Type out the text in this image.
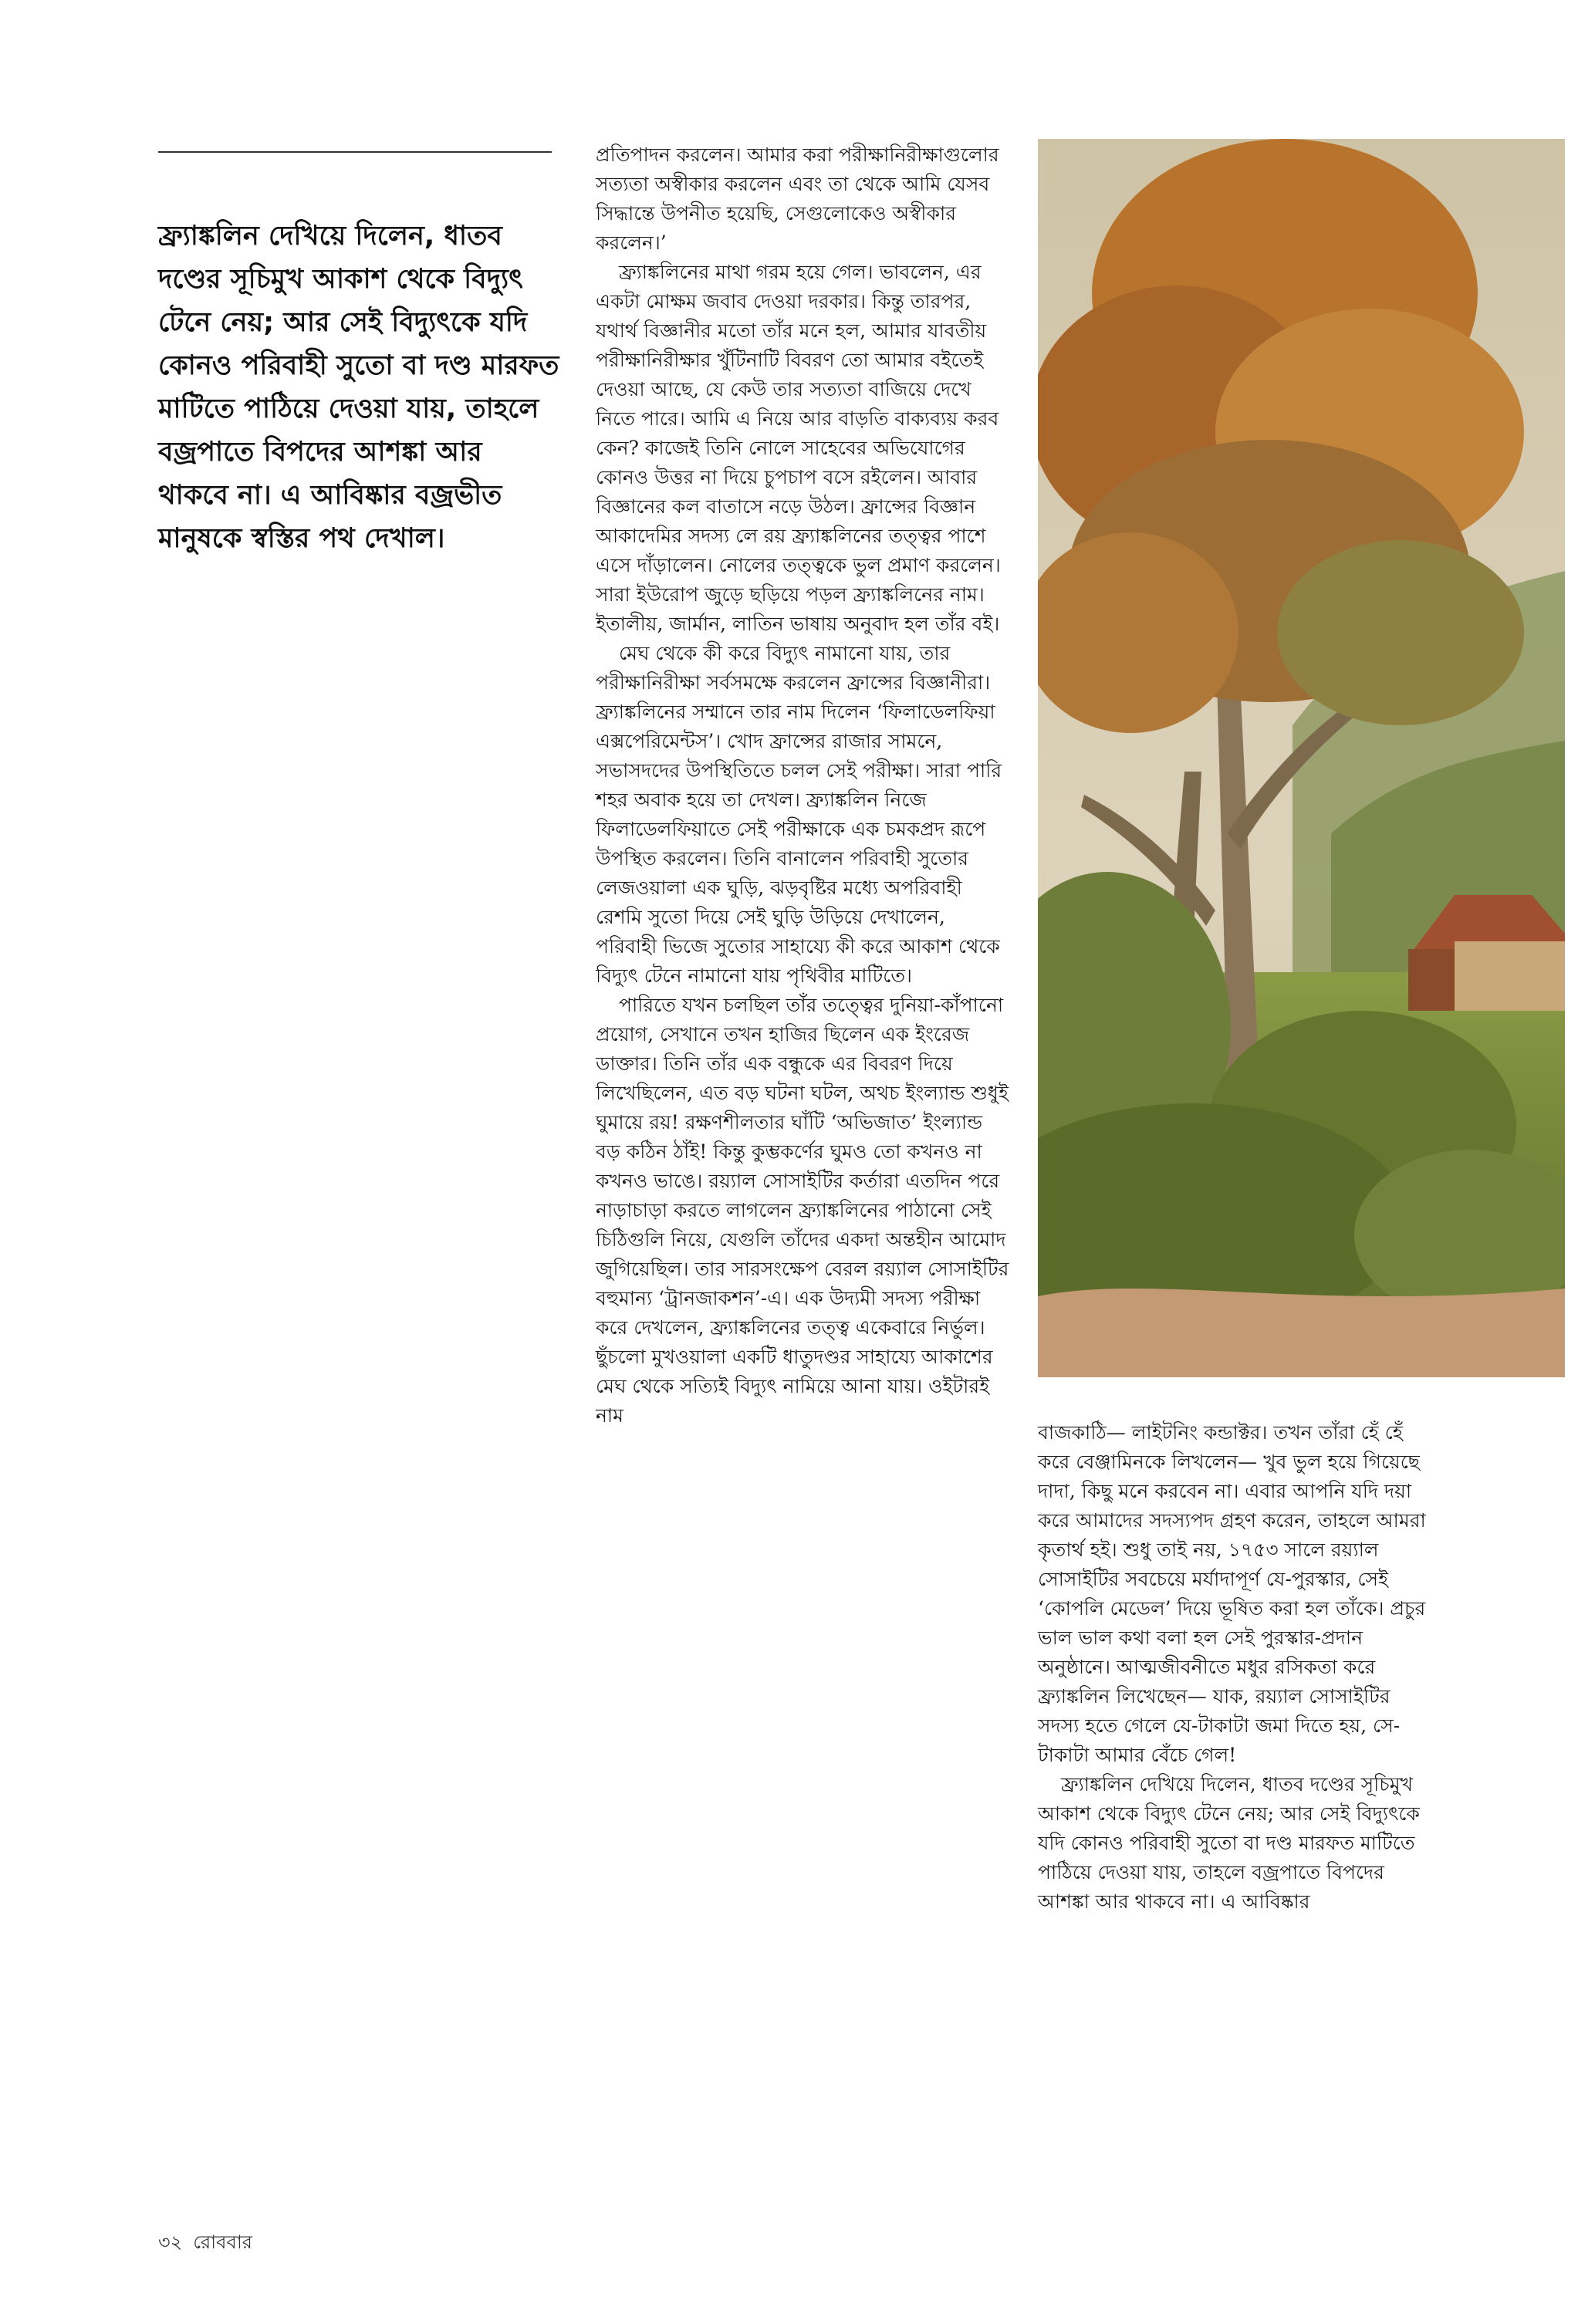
ফ্র্যাঙ্কলিন দেখিয়ে দিলেন, ধাতব দণ্ডের সূচিমুখ আকাশ থেকে বিদ্যুৎ টেনে নেয়; আর সেই বিদ্যুৎকে যদি কোনও পরিবাহী সুতো বা দণ্ড মারফত মাটিতে পাঠিয়ে দেওয়া যায়, তাহলে বজ্রপাতে বিপদের আশঙ্কা আর থাকবে না। এ আবিষ্কার বজ্রভীত মানুষকে স্বস্তির পথ দেখাল।

প্রতিপাদন করলেন। আমার করা পরীক্ষানিরীক্ষাগুলোর সত্যতা অস্বীকার করলেন এবং তা থেকে আমি যেসব সিদ্ধান্তে উপনীত হয়েছি, সেগুলোকেও অস্বীকার করলেন।’

ফ্র্যাঙ্কলিনের মাথা গরম হয়ে গেল। ভাবলেন, এর একটা মোক্ষম জবাব দেওয়া দরকার। কিন্তু তারপর, যথার্থ বিজ্ঞানীর মতো তাঁর মনে হল, আমার যাবতীয় পরীক্ষানিরীক্ষার খুঁটিনাটি বিবরণ তো আমার বইতেই দেওয়া আছে, যে কেউ তার সত্যতা বাজিয়ে দেখে নিতে পারে। আমি এ নিয়ে আর বাড়তি বাক্যব্যয় করব কেন? কাজেই তিনি নোলে সাহেবের অভিযোগের কোনও উত্তর না দিয়ে চুপচাপ বসে রইলেন। আবার বিজ্ঞানের কল বাতাসে নড়ে উঠল। ফ্রান্সের বিজ্ঞান আকাদেমির সদস্য লে রয় ফ্র্যাঙ্কলিনের তত্ত্বর পাশে এসে দাঁড়ালেন। নোলের তত্ত্বকে ভুল প্রমাণ করলেন। সারা ইউরোপ জুড়ে ছড়িয়ে পড়ল ফ্র্যাঙ্কলিনের নাম। ইতালীয়, জার্মান, লাতিন ভাষায় অনুবাদ হল তাঁর বই।

মেঘ থেকে কী করে বিদ্যুৎ নামানো যায়, তার পরীক্ষানিরীক্ষা সর্বসমক্ষে করলেন ফ্রান্সের বিজ্ঞানীরা। ফ্র্যাঙ্কলিনের সম্মানে তার নাম দিলেন ‘ফিলাডেলফিয়া এক্সপেরিমেন্টস’। খোদ ফ্রান্সের রাজার সামনে, সভাসদদের উপস্থিতিতে চলল সেই পরীক্ষা। সারা পারি শহর অবাক হয়ে তা দেখল। ফ্র্যাঙ্কলিন নিজে ফিলাডেলফিয়াতে সেই পরীক্ষাকে এক চমকপ্রদ রূপে উপস্থিত করলেন। তিনি বানালেন পরিবাহী সুতোর লেজওয়ালা এক ঘুড়ি, ঝড়বৃষ্টির মধ্যে অপরিবাহী রেশমি সুতো দিয়ে সেই ঘুড়ি উড়িয়ে দেখালেন, পরিবাহী ভিজে সুতোর সাহায্যে কী করে আকাশ থেকে বিদ্যুৎ টেনে নামানো যায় পৃথিবীর মাটিতে।

পারিতে যখন চলছিল তাঁর তত্ত্বের দুনিয়া-কাঁপানো প্রয়োগ, সেখানে তখন হাজির ছিলেন এক ইংরেজ ডাক্তার। তিনি তাঁর এক বন্ধুকে এর বিবরণ দিয়ে লিখেছিলেন, এত বড় ঘটনা ঘটল, অথচ ইংল্যান্ড শুধুই ঘুমায়ে রয়! রক্ষণশীলতার ঘাঁটি ‘অভিজাত’ ইংল্যান্ড বড় কঠিন ঠাঁই! কিন্তু কুম্ভকর্ণের ঘুমও তো কখনও না কখনও ভাঙে। রয়্যাল সোসাইটির কর্তারা এতদিন পরে নাড়াচাড়া করতে লাগলেন ফ্র্যাঙ্কলিনের পাঠানো সেই চিঠিগুলি নিয়ে, যেগুলি তাঁদের একদা অন্তহীন আমোদ জুগিয়েছিল। তার সারসংক্ষেপ বেরল রয়্যাল সোসাইটির বহুমান্য ‘ট্রানজাকশন’-এ। এক উদ্যমী সদস্য পরীক্ষা করে দেখলেন, ফ্র্যাঙ্কলিনের তত্ত্ব একেবারে নির্ভুল। ছুঁচলো মুখওয়ালা একটি ধাতুদণ্ডর সাহায্যে আকাশের মেঘ থেকে সত্যিই বিদ্যুৎ নামিয়ে আনা যায়। ওইটারই নাম

বাজকাঠি— লাইটনিং কন্ডাক্টর। তখন তাঁরা হেঁ হেঁ করে বেঞ্জামিনকে লিখলেন— খুব ভুল হয়ে গিয়েছে দাদা, কিছু মনে করবেন না। এবার আপনি যদি দয়া করে আমাদের সদস্যপদ গ্রহণ করেন, তাহলে আমরা কৃতার্থ হই। শুধু তাই নয়, ১৭৫৩ সালে রয়্যাল সোসাইটির সবচেয়ে মর্যাদাপূর্ণ যে-পুরস্কার, সেই ‘কোপলি মেডেল’ দিয়ে ভূষিত করা হল তাঁকে। প্রচুর ভাল ভাল কথা বলা হল সেই পুরস্কার-প্রদান অনুষ্ঠানে। আত্মজীবনীতে মধুর রসিকতা করে ফ্র্যাঙ্কলিন লিখেছেন— যাক, রয়্যাল সোসাইটির সদস্য হতে গেলে যে-টাকাটা জমা দিতে হয়, সে-টাকাটা আমার বেঁচে গেল!

ফ্র্যাঙ্কলিন দেখিয়ে দিলেন, ধাতব দণ্ডের সূচিমুখ আকাশ থেকে বিদ্যুৎ টেনে নেয়; আর সেই বিদ্যুৎকে যদি কোনও পরিবাহী সুতো বা দণ্ড মারফত মাটিতে পাঠিয়ে দেওয়া যায়, তাহলে বজ্রপাতে বিপদের আশঙ্কা আর থাকবে না। এ আবিষ্কার

৩২ রোববার
